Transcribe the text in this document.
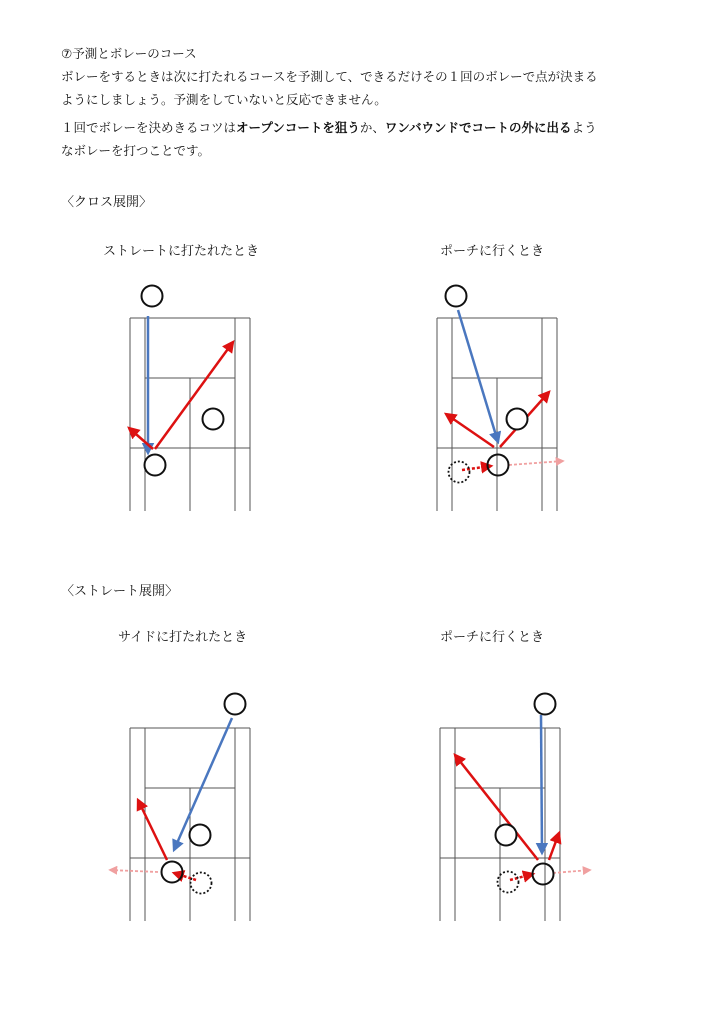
⑦予測とボレーのコース
ボレーをするときは次に打たれるコースを予測して、できるだけその１回のボレーで点が決まる
ようにしましょう。予測をしていないと反応できません。
１回でボレーを決めきるコツはオープンコートを狙うか、ワンバウンドでコートの外に出るよう
なボレーを打つことです。
〈クロス展開〉
〈ストレート展開〉
ストレートに打たれたとき	ポーチに行くとき
サイドに打たれたとき	ポーチに行くとき
